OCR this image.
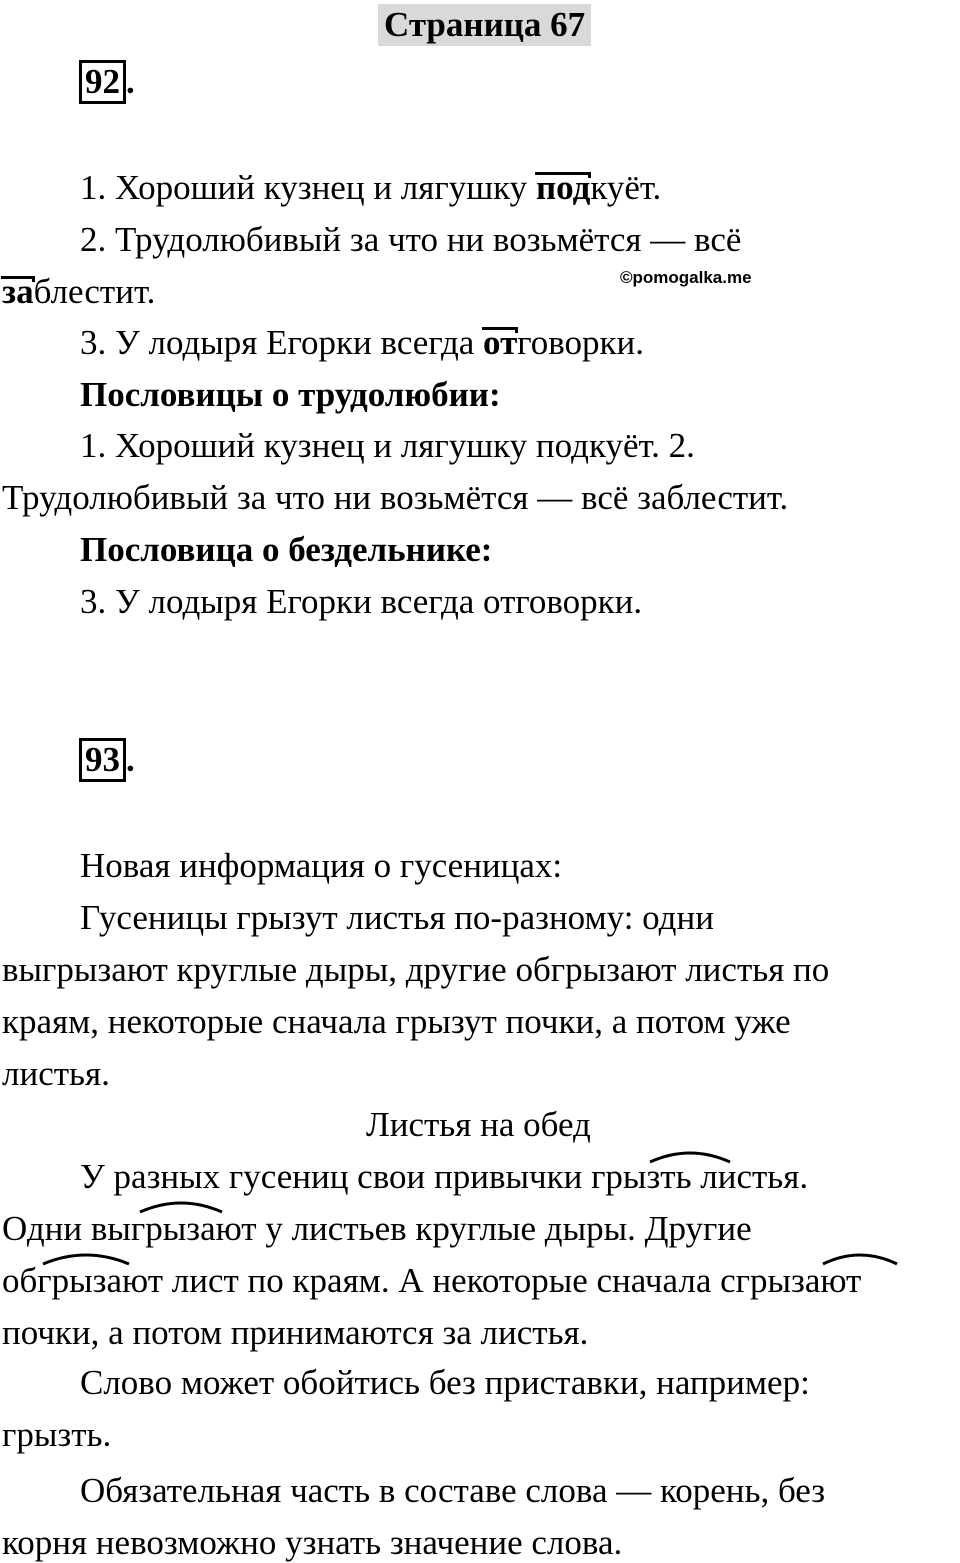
Страница 67
92 .
1. Хороший кузнец и лягушку
подкуёт.
2. Трудолюбивый за что ни возьмётся — всё
©pomogalka.me
заблестит.
3. У лодыря Егорки всегда
отговорки.
Пословицы о трудолюбии:
1. Хороший кузнец и лягушку подкуёт. 2.
Трудолюбивый за что ни возьмётся — всё заблестит.
Пословица о бездельнике:
3. У лодыря Егорки всегда отговорки.
93 .
Новая информация о гусеницах:
Гусеницы грызут листья по-разному: одни
выгрызают круглые дыры, другие обгрызают листья по
краям, некоторые сначала грызут почки, а потом уже
листья.
Листья на обед
У разных гусениц свои привычки грызть листья.
Одни выгрызают у листьев круглые дыры. Другие
обгрызают лист по краям. А некоторые сначала сгрызают
почки, а потом принимаются за листья.
Слово может обойтись без приставки, например:
грызть.
Обязательная часть в составе слова — корень, без
корня невозможно узнать значение слова.
